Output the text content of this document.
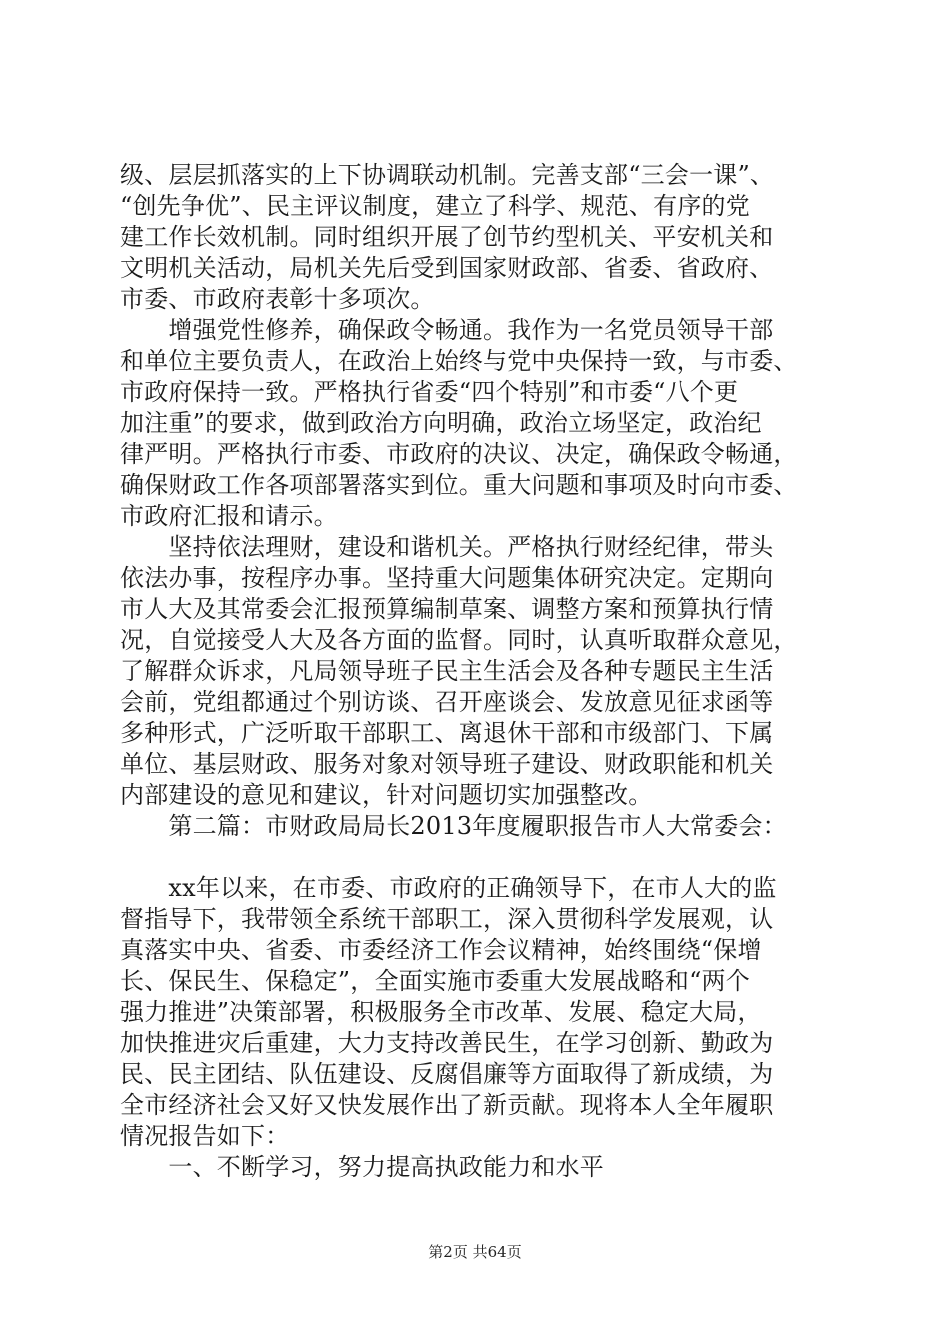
级、层层抓落实的上下协调联动机制。完善支部“三会一课”、
“创先争优”、民主评议制度，建立了科学、规范、有序的党
建工作长效机制。同时组织开展了创节约型机关、平安机关和
文明机关活动，局机关先后受到国家财政部、省委、省政府、
市委、市政府表彰十多项次。
　　增强党性修养，确保政令畅通。我作为一名党员领导干部
和单位主要负责人，在政治上始终与党中央保持一致，与市委、
市政府保持一致。严格执行省委“四个特别”和市委“八个更
加注重”的要求，做到政治方向明确，政治立场坚定，政治纪
律严明。严格执行市委、市政府的决议、决定，确保政令畅通，
确保财政工作各项部署落实到位。重大问题和事项及时向市委、
市政府汇报和请示。
　　坚持依法理财，建设和谐机关。严格执行财经纪律，带头
依法办事，按程序办事。坚持重大问题集体研究决定。定期向
市人大及其常委会汇报预算编制草案、调整方案和预算执行情
况，自觉接受人大及各方面的监督。同时，认真听取群众意见，
了解群众诉求，凡局领导班子民主生活会及各种专题民主生活
会前，党组都通过个别访谈、召开座谈会、发放意见征求函等
多种形式，广泛听取干部职工、离退休干部和市级部门、下属
单位、基层财政、服务对象对领导班子建设、财政职能和机关
内部建设的意见和建议，针对问题切实加强整改。
　　第二篇：市财政局局长2013年度履职报告市人大常委会：
　　xx年以来，在市委、市政府的正确领导下，在市人大的监
督指导下，我带领全系统干部职工，深入贯彻科学发展观，认
真落实中央、省委、市委经济工作会议精神，始终围绕“保增
长、保民生、保稳定”，全面实施市委重大发展战略和“两个
强力推进”决策部署，积极服务全市改革、发展、稳定大局，
加快推进灾后重建，大力支持改善民生，在学习创新、勤政为
民、民主团结、队伍建设、反腐倡廉等方面取得了新成绩，为
全市经济社会又好又快发展作出了新贡献。现将本人全年履职
情况报告如下：
　　一、不断学习，努力提高执政能力和水平
第2页 共64页
